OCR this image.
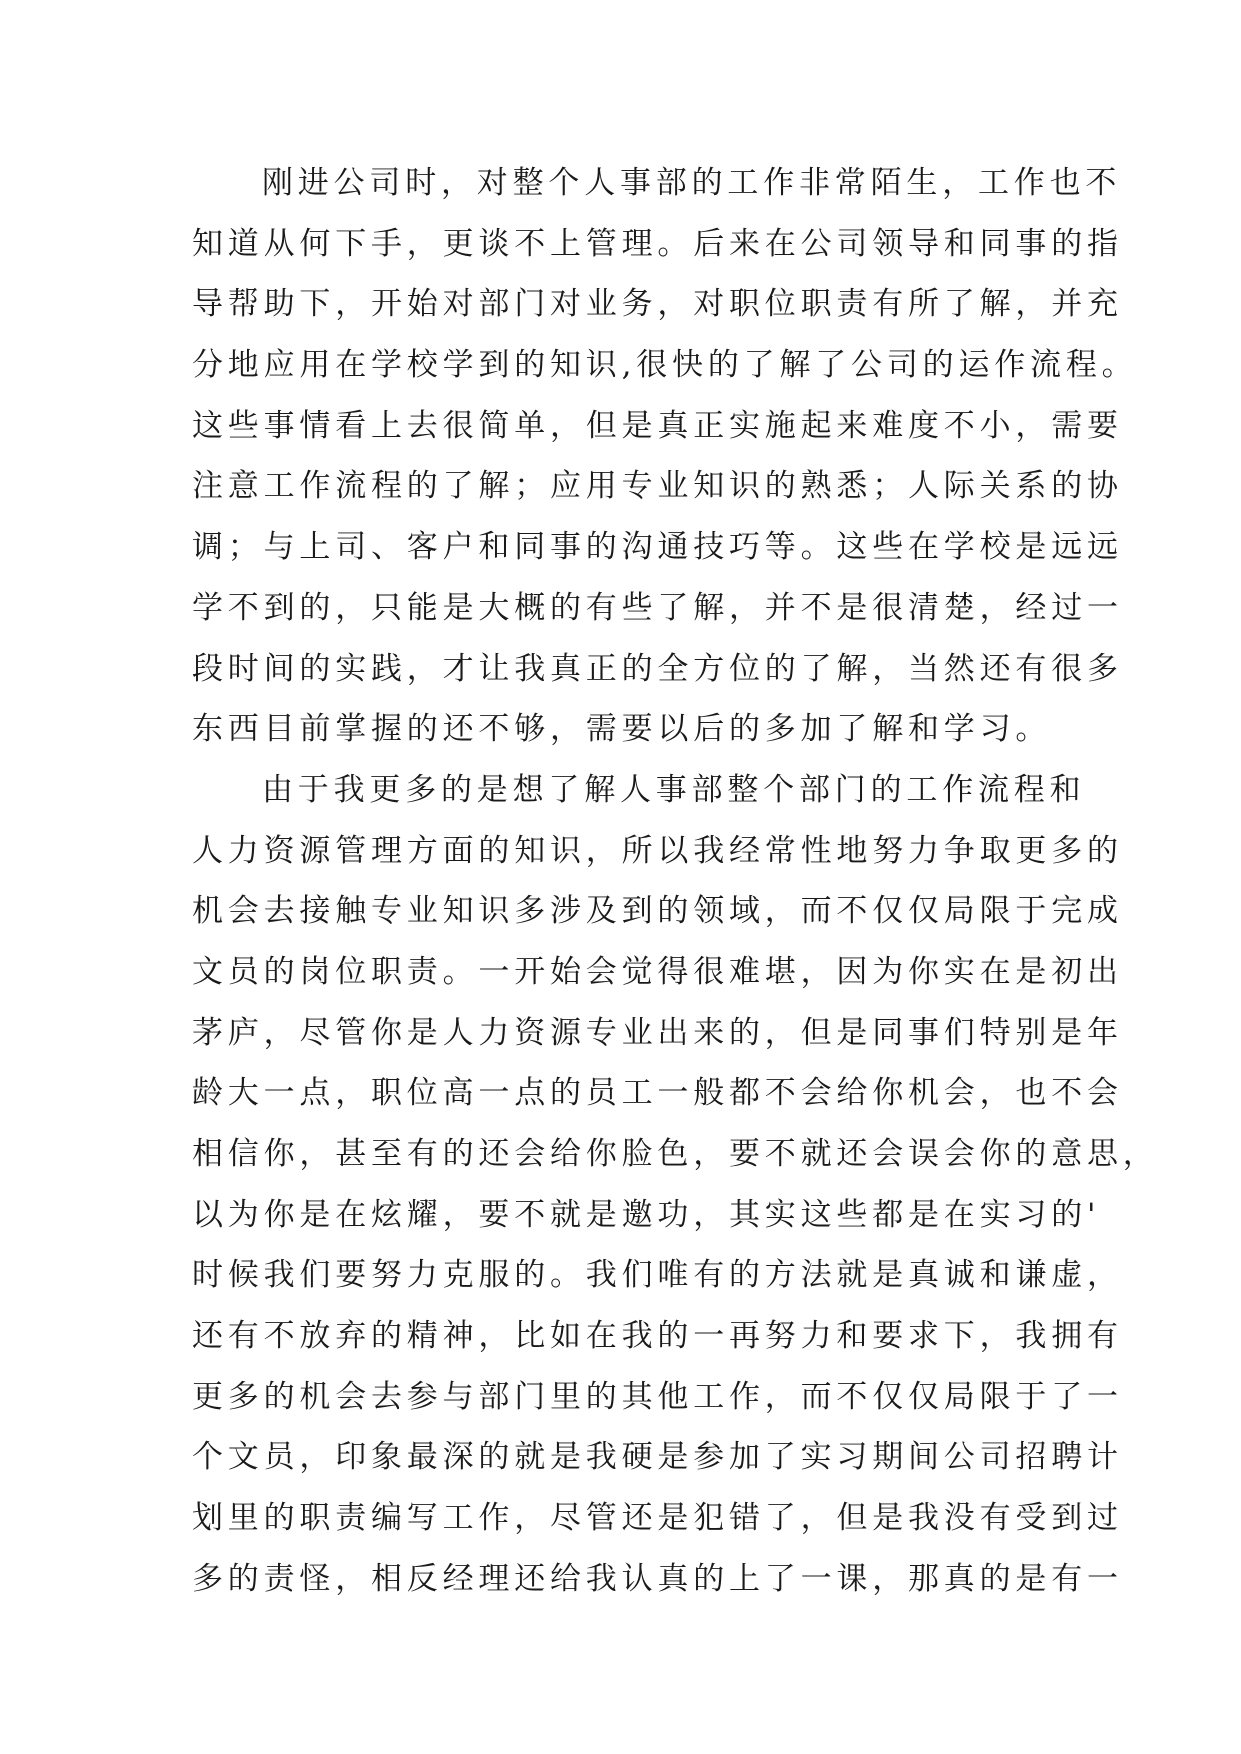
刚进公司时，对整个人事部的工作非常陌生，工作也不
知道从何下手，更谈不上管理。后来在公司领导和同事的指
导帮助下，开始对部门对业务，对职位职责有所了解，并充
分地应用在学校学到的知识,很快的了解了公司的运作流程。
这些事情看上去很简单，但是真正实施起来难度不小，需要
注意工作流程的了解；应用专业知识的熟悉；人际关系的协
调；与上司、客户和同事的沟通技巧等。这些在学校是远远
学不到的，只能是大概的有些了解，并不是很清楚，经过一
段时间的实践，才让我真正的全方位的了解，当然还有很多
东西目前掌握的还不够，需要以后的多加了解和学习。
由于我更多的是想了解人事部整个部门的工作流程和
人力资源管理方面的知识，所以我经常性地努力争取更多的
机会去接触专业知识多涉及到的领域，而不仅仅局限于完成
文员的岗位职责。一开始会觉得很难堪，因为你实在是初出
茅庐，尽管你是人力资源专业出来的，但是同事们特别是年
龄大一点，职位高一点的员工一般都不会给你机会，也不会
相信你，甚至有的还会给你脸色，要不就还会误会你的意思，
以为你是在炫耀，要不就是邀功，其实这些都是在实习的'
时候我们要努力克服的。我们唯有的方法就是真诚和谦虚，
还有不放弃的精神，比如在我的一再努力和要求下，我拥有
更多的机会去参与部门里的其他工作，而不仅仅局限于了一
个文员，印象最深的就是我硬是参加了实习期间公司招聘计
划里的职责编写工作，尽管还是犯错了，但是我没有受到过
多的责怪，相反经理还给我认真的上了一课，那真的是有一
